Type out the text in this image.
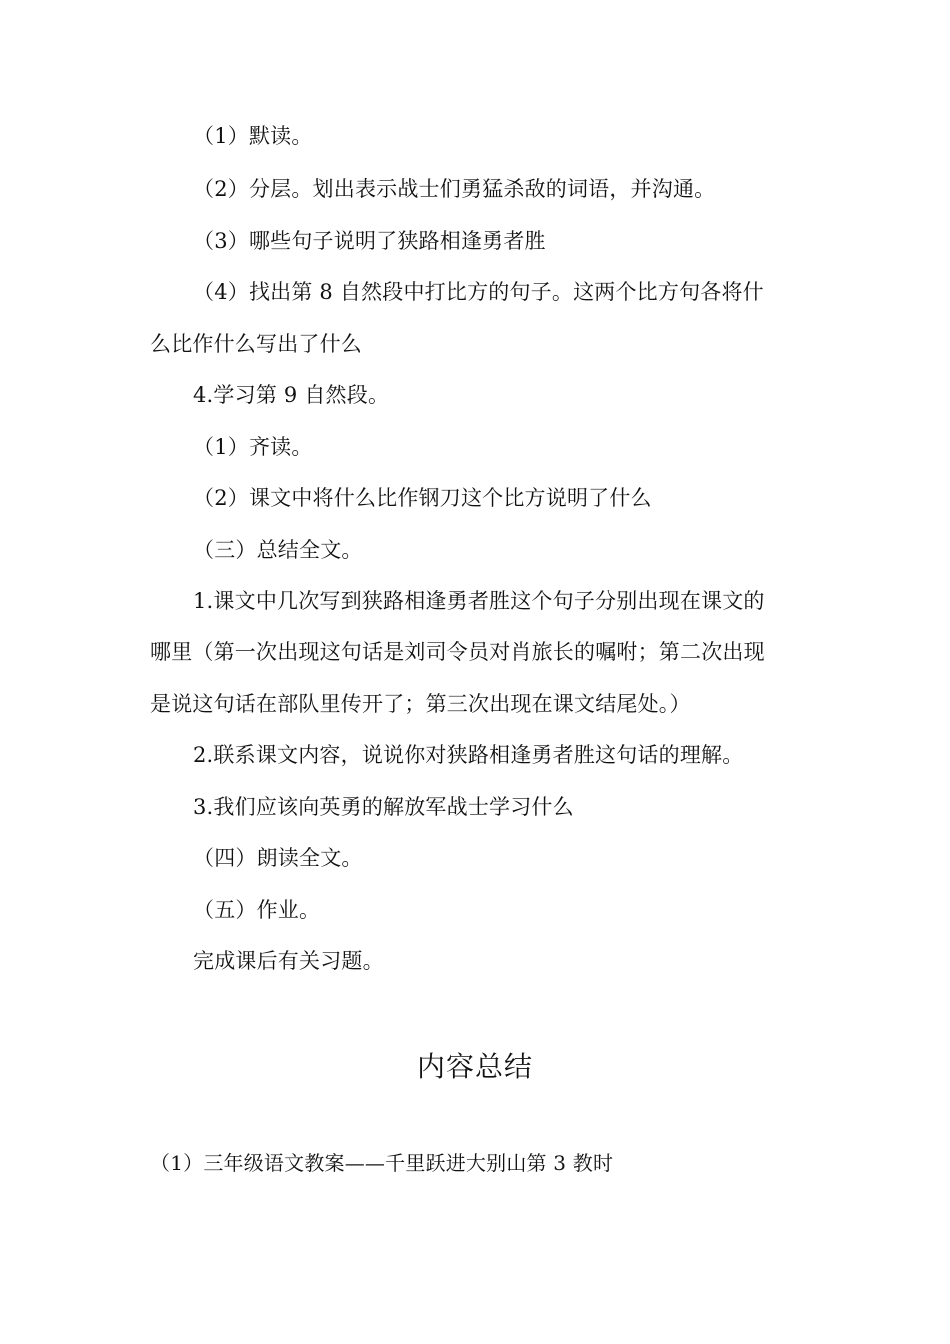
（1）默读。
（2）分层。划出表示战士们勇猛杀敌的词语，并沟通。
（3）哪些句子说明了狭路相逢勇者胜
（4）找出第 8 自然段中打比方的句子。这两个比方句各将什
么比作什么写出了什么
4.学习第 9 自然段。
（1）齐读。
（2）课文中将什么比作钢刀这个比方说明了什么
（三）总结全文。
1.课文中几次写到狭路相逢勇者胜这个句子分别出现在课文的
哪里（第一次出现这句话是刘司令员对肖旅长的嘱咐；第二次出现
是说这句话在部队里传开了；第三次出现在课文结尾处。）
2.联系课文内容，说说你对狭路相逢勇者胜这句话的理解。
3.我们应该向英勇的解放军战士学习什么
（四）朗读全文。
（五）作业。
完成课后有关习题。
内容总结
（1）三年级语文教案——千里跃进大别山第 3 教时
